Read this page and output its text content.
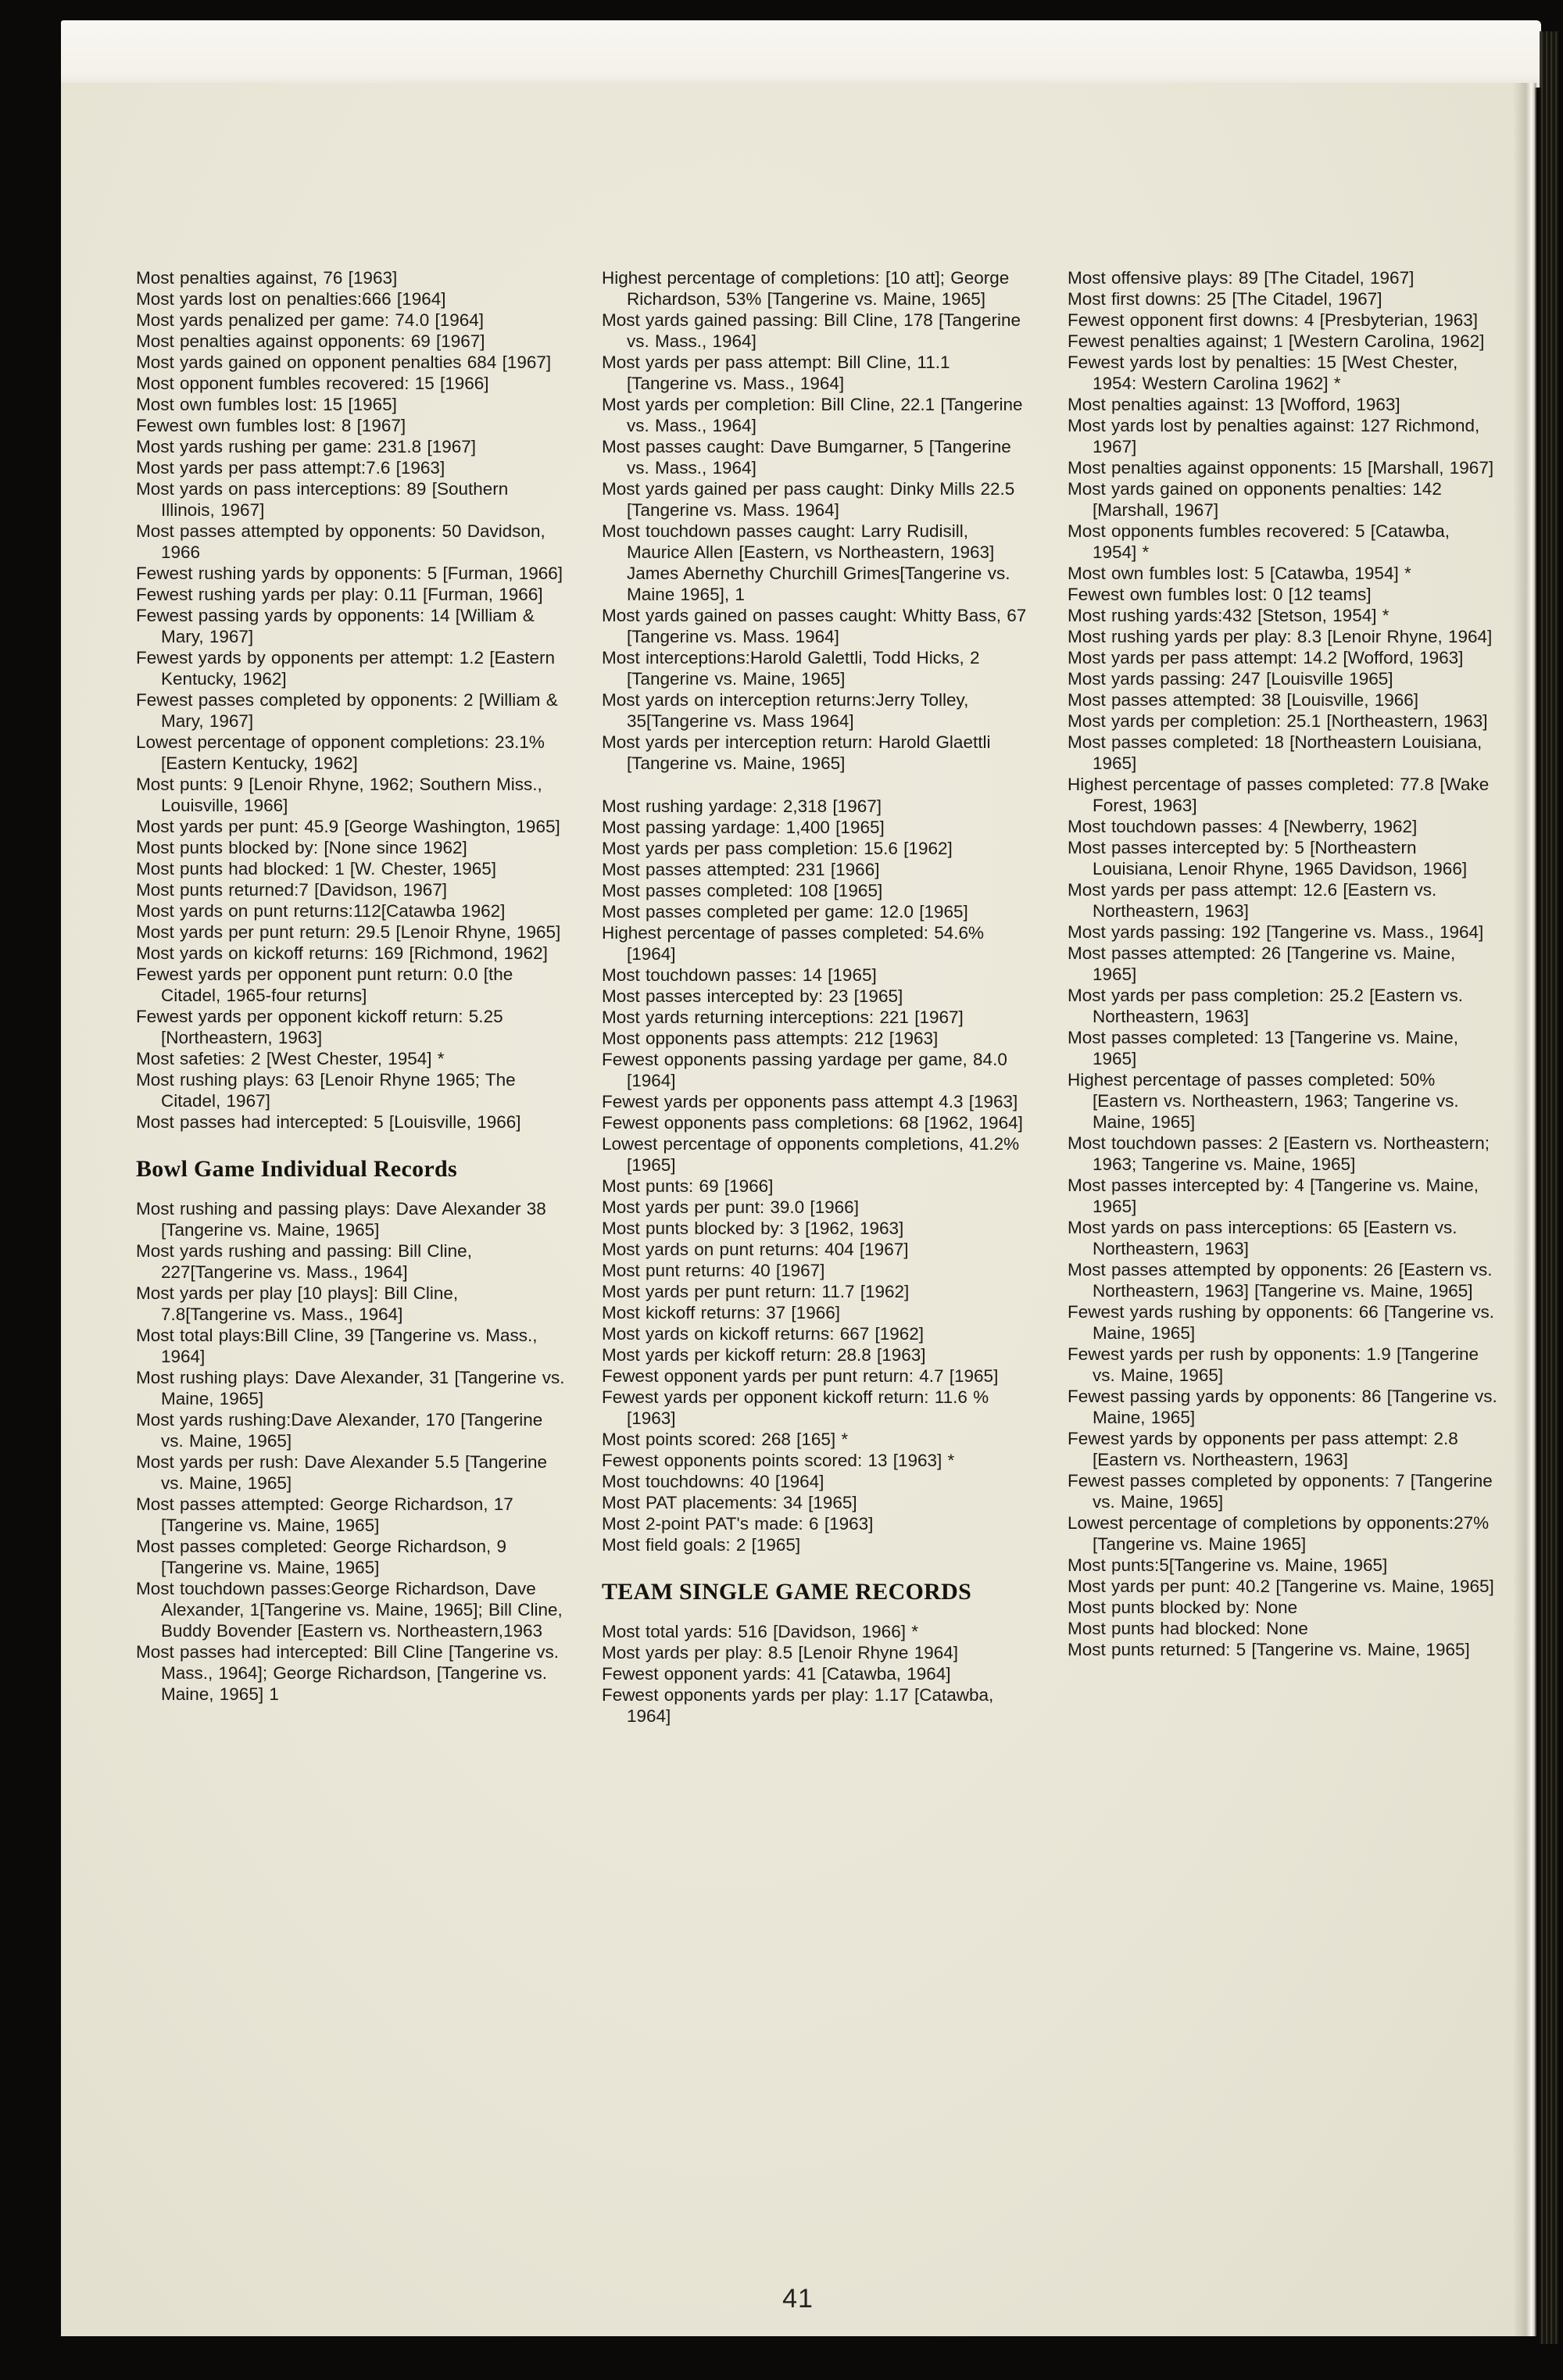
Most penalties against, 76 [1963]

Most yards lost on penalties:666 [1964]

Most yards penalized per game: 74.0 [1964]

Most penalties against opponents: 69 [1967]

Most yards gained on opponent penalties 684 [1967]

Most opponent fumbles recovered: 15 [1966]

Most own fumbles lost: 15 [1965]

Fewest own fumbles lost: 8 [1967]

Most yards rushing per game: 231.8 [1967]

Most yards per pass attempt:7.6 [1963]

Most yards on pass interceptions: 89 [Southern Illinois, 1967]

Most passes attempted by opponents: 50 Davidson, 1966

Fewest rushing yards by opponents: 5 [Furman, 1966]

Fewest rushing yards per play: 0.11 [Furman, 1966]

Fewest passing yards by opponents: 14 [William & Mary, 1967]

Fewest yards by opponents per attempt: 1.2 [Eastern Kentucky, 1962]

Fewest passes completed by opponents: 2 [William & Mary, 1967]

Lowest percentage of opponent completions: 23.1% [Eastern Kentucky, 1962]

Most punts: 9 [Lenoir Rhyne, 1962; Southern Miss., Louisville, 1966]

Most yards per punt: 45.9 [George Washington, 1965]

Most punts blocked by: [None since 1962]

Most punts had blocked: 1 [W. Chester, 1965]

Most punts returned:7 [Davidson, 1967]

Most yards on punt returns:112[Catawba 1962]

Most yards per punt return: 29.5 [Lenoir Rhyne, 1965]

Most yards on kickoff returns: 169 [Richmond, 1962]

Fewest yards per opponent punt return: 0.0 [the Citadel, 1965-four returns]

Fewest yards per opponent kickoff return: 5.25 [Northeastern, 1963]

Most safeties: 2 [West Chester, 1954] *

Most rushing plays: 63 [Lenoir Rhyne 1965; The Citadel, 1967]

Most passes had intercepted: 5 [Louisville, 1966]

Bowl Game Individual Records

Most rushing and passing plays: Dave Alexander 38 [Tangerine vs. Maine, 1965]

Most yards rushing and passing: Bill Cline, 227[Tangerine vs. Mass., 1964]

Most yards per play [10 plays]: Bill Cline, 7.8[Tangerine vs. Mass., 1964]

Most total plays:Bill Cline, 39 [Tangerine vs. Mass., 1964]

Most rushing plays: Dave Alexander, 31 [Tangerine vs. Maine, 1965]

Most yards rushing:Dave Alexander, 170 [Tangerine vs. Maine, 1965]

Most yards per rush: Dave Alexander 5.5 [Tangerine vs. Maine, 1965]

Most passes attempted: George Richardson, 17 [Tangerine vs. Maine, 1965]

Most passes completed: George Richardson, 9 [Tangerine vs. Maine, 1965]

Most touchdown passes:George Richardson, Dave Alexander, 1[Tangerine vs. Maine, 1965]; Bill Cline, Buddy Bovender [Eastern vs. Northeastern,1963

Most passes had intercepted: Bill Cline [Tangerine vs. Mass., 1964]; George Richardson, [Tangerine vs. Maine, 1965] 1

Highest percentage of completions: [10 att]; George Richardson, 53% [Tangerine vs. Maine, 1965]

Most yards gained passing: Bill Cline, 178 [Tangerine vs. Mass., 1964]

Most yards per pass attempt: Bill Cline, 11.1 [Tangerine vs. Mass., 1964]

Most yards per completion: Bill Cline, 22.1 [Tangerine vs. Mass., 1964]

Most passes caught: Dave Bumgarner, 5 [Tangerine vs. Mass., 1964]

Most yards gained per pass caught: Dinky Mills 22.5 [Tangerine vs. Mass. 1964]

Most touchdown passes caught: Larry Rudisill, Maurice Allen [Eastern, vs Northeastern, 1963] James Abernethy Churchill Grimes[Tangerine vs. Maine 1965], 1

Most yards gained on passes caught: Whitty Bass, 67 [Tangerine vs. Mass. 1964]

Most interceptions:Harold Galettli, Todd Hicks, 2 [Tangerine vs. Maine, 1965]

Most yards on interception returns:Jerry Tolley, 35[Tangerine vs. Mass 1964]

Most yards per interception return: Harold Glaettli [Tangerine vs. Maine, 1965]

Most rushing yardage: 2,318 [1967]

Most passing yardage: 1,400 [1965]

Most yards per pass completion: 15.6 [1962]

Most passes attempted: 231 [1966]

Most passes completed: 108 [1965]

Most passes completed per game: 12.0 [1965]

Highest percentage of passes completed: 54.6% [1964]

Most touchdown passes: 14 [1965]

Most passes intercepted by: 23 [1965]

Most yards returning interceptions: 221 [1967]

Most opponents pass attempts: 212 [1963]

Fewest opponents passing yardage per game, 84.0 [1964]

Fewest yards per opponents pass attempt 4.3 [1963]

Fewest opponents pass completions: 68 [1962, 1964]

Lowest percentage of opponents completions, 41.2% [1965]

Most punts: 69 [1966]

Most yards per punt: 39.0 [1966]

Most punts blocked by: 3 [1962, 1963]

Most yards on punt returns: 404 [1967]

Most punt returns: 40 [1967]

Most yards per punt return: 11.7 [1962]

Most kickoff returns: 37 [1966]

Most yards on kickoff returns: 667 [1962]

Most yards per kickoff return: 28.8 [1963]

Fewest opponent yards per punt return: 4.7 [1965]

Fewest yards per opponent kickoff return: 11.6 % [1963]

Most points scored: 268 [165] *

Fewest opponents points scored: 13 [1963] *

Most touchdowns: 40 [1964]

Most PAT placements: 34 [1965]

Most 2-point PAT's made: 6 [1963]

Most field goals: 2 [1965]

TEAM SINGLE GAME RECORDS

Most total yards: 516 [Davidson, 1966] *

Most yards per play: 8.5 [Lenoir Rhyne 1964]

Fewest opponent yards: 41 [Catawba, 1964]

Fewest opponents yards per play: 1.17 [Catawba, 1964]

Most offensive plays: 89 [The Citadel, 1967]

Most first downs: 25 [The Citadel, 1967]

Fewest opponent first downs: 4 [Presbyterian, 1963]

Fewest penalties against; 1 [Western Carolina, 1962]

Fewest yards lost by penalties: 15 [West Chester, 1954: Western Carolina 1962] *

Most penalties against: 13 [Wofford, 1963]

Most yards lost by penalties against: 127 Richmond, 1967]

Most penalties against opponents: 15 [Marshall, 1967]

Most yards gained on opponents penalties: 142 [Marshall, 1967]

Most opponents fumbles recovered: 5 [Catawba, 1954] *

Most own fumbles lost: 5 [Catawba, 1954] *

Fewest own fumbles lost: 0 [12 teams]

Most rushing yards:432 [Stetson, 1954] *

Most rushing yards per play: 8.3 [Lenoir Rhyne, 1964]

Most yards per pass attempt: 14.2 [Wofford, 1963]

Most yards passing: 247 [Louisville 1965]

Most passes attempted: 38 [Louisville, 1966]

Most yards per completion: 25.1 [Northeastern, 1963]

Most passes completed: 18 [Northeastern Louisiana, 1965]

Highest percentage of passes completed: 77.8 [Wake Forest, 1963]

Most touchdown passes: 4 [Newberry, 1962]

Most passes intercepted by: 5 [Northeastern Louisiana, Lenoir Rhyne, 1965 Davidson, 1966]

Most yards per pass attempt: 12.6 [Eastern vs. Northeastern, 1963]

Most yards passing: 192 [Tangerine vs. Mass., 1964]

Most passes attempted: 26 [Tangerine vs. Maine, 1965]

Most yards per pass completion: 25.2 [Eastern vs. Northeastern, 1963]

Most passes completed: 13 [Tangerine vs. Maine, 1965]

Highest percentage of passes completed: 50% [Eastern vs. Northeastern, 1963; Tangerine vs. Maine, 1965]

Most touchdown passes: 2 [Eastern vs. Northeastern; 1963; Tangerine vs. Maine, 1965]

Most passes intercepted by: 4 [Tangerine vs. Maine, 1965]

Most yards on pass interceptions: 65 [Eastern vs. Northeastern, 1963]

Most passes attempted by opponents: 26 [Eastern vs. Northeastern, 1963] [Tangerine vs. Maine, 1965]

Fewest yards rushing by opponents: 66 [Tangerine vs. Maine, 1965]

Fewest yards per rush by opponents: 1.9 [Tangerine vs. Maine, 1965]

Fewest passing yards by opponents: 86 [Tangerine vs. Maine, 1965]

Fewest yards by opponents per pass attempt: 2.8 [Eastern vs. Northeastern, 1963]

Fewest passes completed by opponents: 7 [Tangerine vs. Maine, 1965]

Lowest percentage of completions by opponents:27% [Tangerine vs. Maine 1965]

Most punts:5[Tangerine vs. Maine, 1965]

Most yards per punt: 40.2 [Tangerine vs. Maine, 1965]

Most punts blocked by: None

Most punts had blocked: None

Most punts returned: 5 [Tangerine vs. Maine, 1965]

41
